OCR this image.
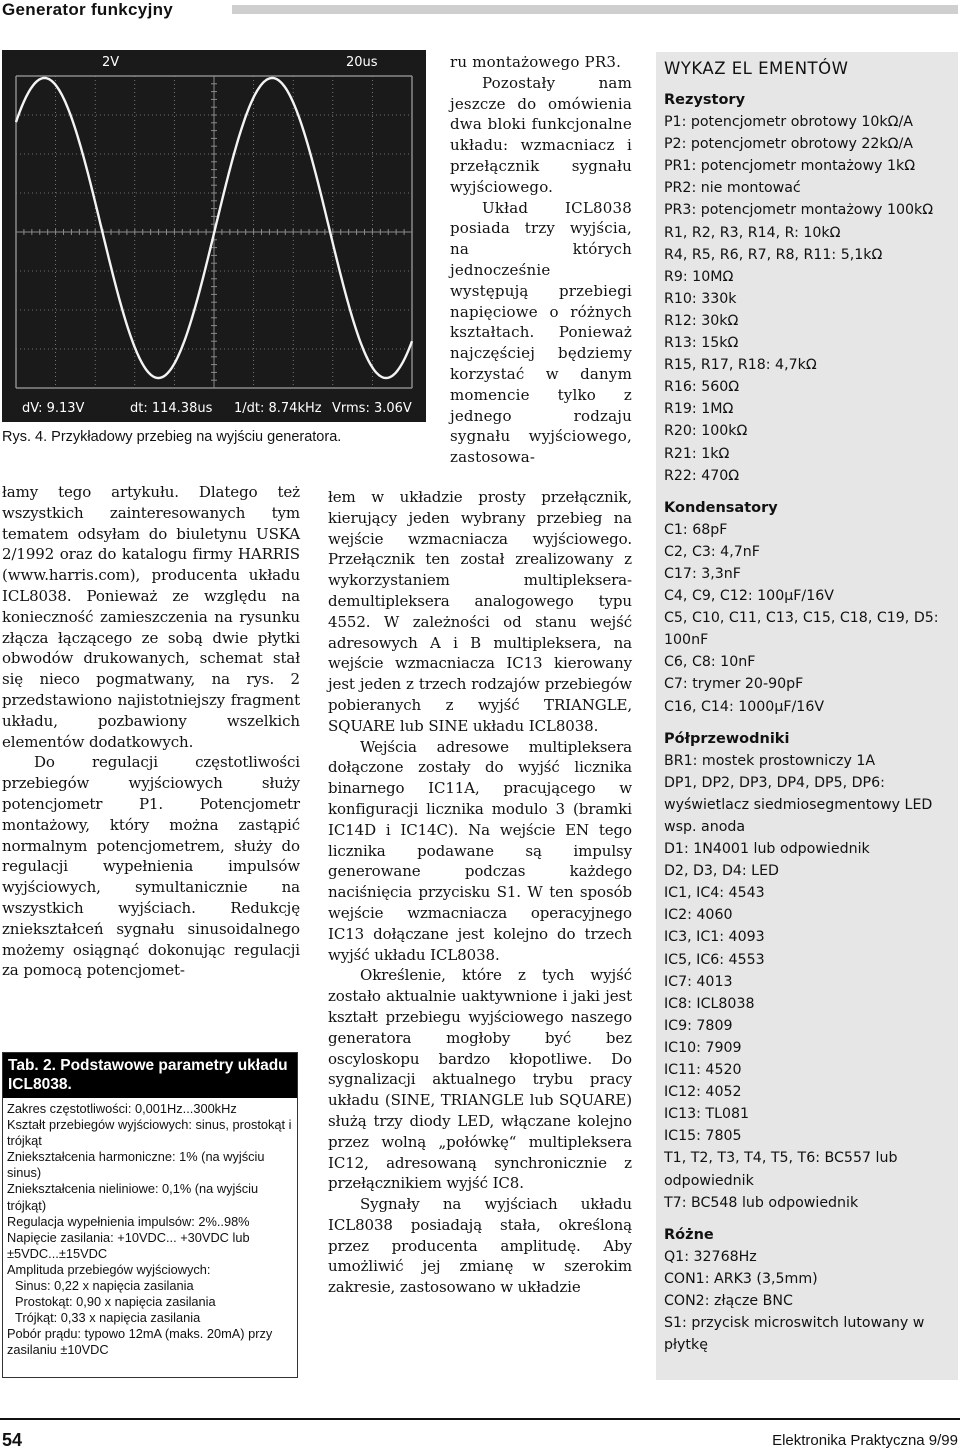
Generator funkcyjny
2V	20us
dV: 9.13V	dt: 114.38us 1/dt: 8.74kHz Vrms: 3.06V
Rys. 4. Przykładowy przebieg na wyjściu generatora.

łamy tego artykułu. Dlatego też wszystkich zainteresowanych tym tematem odsyłam do biuletynu USKA 2/1992 oraz do katalogu firmy HARRIS (www.harris.com), producenta układu ICL8038. Ponieważ ze względu na konieczność zamieszczenia na rysunku złącza łączącego ze sobą dwie płytki obwodów drukowanych, schemat stał się nieco pogmatwany, na rys. 2 przedstawiono najistotniejszy fragment układu, pozbawiony wszelkich elementów dodatkowych.

Do regulacji częstotliwości przebiegów wyjściowych służy potencjometr P1. Potencjometr montażowy, który można zastąpić normalnym potencjometrem, służy do regulacji wypełnienia impulsów wyjściowych, symultanicznie na wszystkich wyjściach. Redukcję zniekształceń sygnału sinusoidalnego możemy osiągnąć dokonując regulacji za pomocą potencjomet-

ru montażowego PR3.

Pozostały nam jeszcze do omówienia dwa bloki funkcjonalne układu: wzmacniacz i przełącznik sygnału wyjściowego.

Układ ICL8038 posiada trzy wyjścia, na których jednocześnie występują przebiegi napięciowe o różnych kształtach. Ponieważ najczęściej będziemy korzystać w danym momencie tylko z jednego rodzaju sygnału wyjściowego, zastosowa-

łem w układzie prosty przełącznik, kierujący jeden wybrany przebieg na wejście wzmacniacza wyjściowego. Przełącznik ten został zrealizowany z wykorzystaniem multipleksera-demultipleksera analogowego typu 4552. W zależności od stanu wejść adresowych A i B multipleksera, na wejście wzmacniacza IC13 kierowany jest jeden z trzech rodzajów przebiegów pobieranych z wyjść TRIANGLE, SQUARE lub SINE układu ICL8038.

Wejścia adresowe multipleksera dołączone zostały do wyjść licznika binarnego IC11A, pracującego w konfiguracji licznika modulo 3 (bramki IC14D i IC14C). Na wejście EN tego licznika podawane są impulsy generowane podczas każdego naciśnięcia przycisku S1. W ten sposób wejście wzmacniacza operacyjnego IC13 dołączane jest kolejno do trzech wyjść układu ICL8038.

Określenie, które z tych wyjść zostało aktualnie uaktywnione i jaki jest kształt przebiegu wyjściowego naszego generatora mogłoby być bez oscyloskopu bardzo kłopotliwe. Do sygnalizacji aktualnego trybu pracy układu (SINE, TRIANGLE lub SQUARE) służą trzy diody LED, włączane kolejno przez wolną „połówkę“ multipleksera IC12, adresowaną synchronicznie z przełącznikiem wyjść IC8.

Sygnały na wyjściach układu ICL8038 posiadają stała, określoną przez producenta amplitudę. Aby umożliwić jej zmianę w szerokim zakresie, zastosowano w układzie

Tab. 2. Podstawowe parametry układu ICL8038.
Zakres częstotliwości: 0,001Hz...300kHz
Kształt przebiegów wyjściowych: sinus, prostokąt i trójkąt
Zniekształcenia harmoniczne: 1% (na wyjściu sinus)
Zniekształcenia nieliniowe: 0,1% (na wyjściu trójkąt)
Regulacja wypełnienia impulsów: 2%..98%
Napięcie zasilania: +10VDC... +30VDC lub ±5VDC...±15VDC
Amplituda przebiegów wyjściowych:
Sinus: 0,22 x napięcia zasilania
Prostokąt: 0,90 x napięcia zasilania
Trójkąt: 0,33 x napięcia zasilania
Pobór prądu: typowo 12mA (maks. 20mA) przy zasilaniu ±10VDC
WYKAZ EL EMENTÓW
Rezystory
P1: potencjometr obrotowy 10kΩ/A
P2: potencjometr obrotowy 22kΩ/A
PR1: potencjometr montażowy 1kΩ
PR2: nie montować
PR3: potencjometr montażowy 100kΩ
R1, R2, R3, R14, R: 10kΩ
R4, R5, R6, R7, R8, R11: 5,1kΩ
R9: 10MΩ
R10: 330k
R12: 30kΩ
R13: 15kΩ
R15, R17, R18: 4,7kΩ
R16: 560Ω
R19: 1MΩ
R20: 100kΩ
R21: 1kΩ
R22: 470Ω
Kondensatory
C1: 68pF
C2, C3: 4,7nF
C17: 3,3nF
C4, C9, C12: 100µF/16V
C5, C10, C11, C13, C15, C18, C19, D5: 100nF
C6, C8: 10nF
C7: trymer 20-90pF
C16, C14: 1000µF/16V
Półprzewodniki
BR1: mostek prostowniczy 1A
DP1, DP2, DP3, DP4, DP5, DP6: wyświetlacz siedmiosegmentowy LED wsp. anoda
D1: 1N4001 lub odpowiednik
D2, D3, D4: LED
IC1, IC4: 4543
IC2: 4060
IC3, IC1: 4093
IC5, IC6: 4553
IC7: 4013
IC8: ICL8038
IC9: 7809
IC10: 7909
IC11: 4520
IC12: 4052
IC13: TL081
IC15: 7805
T1, T2, T3, T4, T5, T6: BC557 lub odpowiednik
T7: BC548 lub odpowiednik
Różne
Q1: 32768Hz
CON1: ARK3 (3,5mm)
CON2: złącze BNC
S1: przycisk microswitch lutowany w płytkę
54	Elektronika Praktyczna 9/99
